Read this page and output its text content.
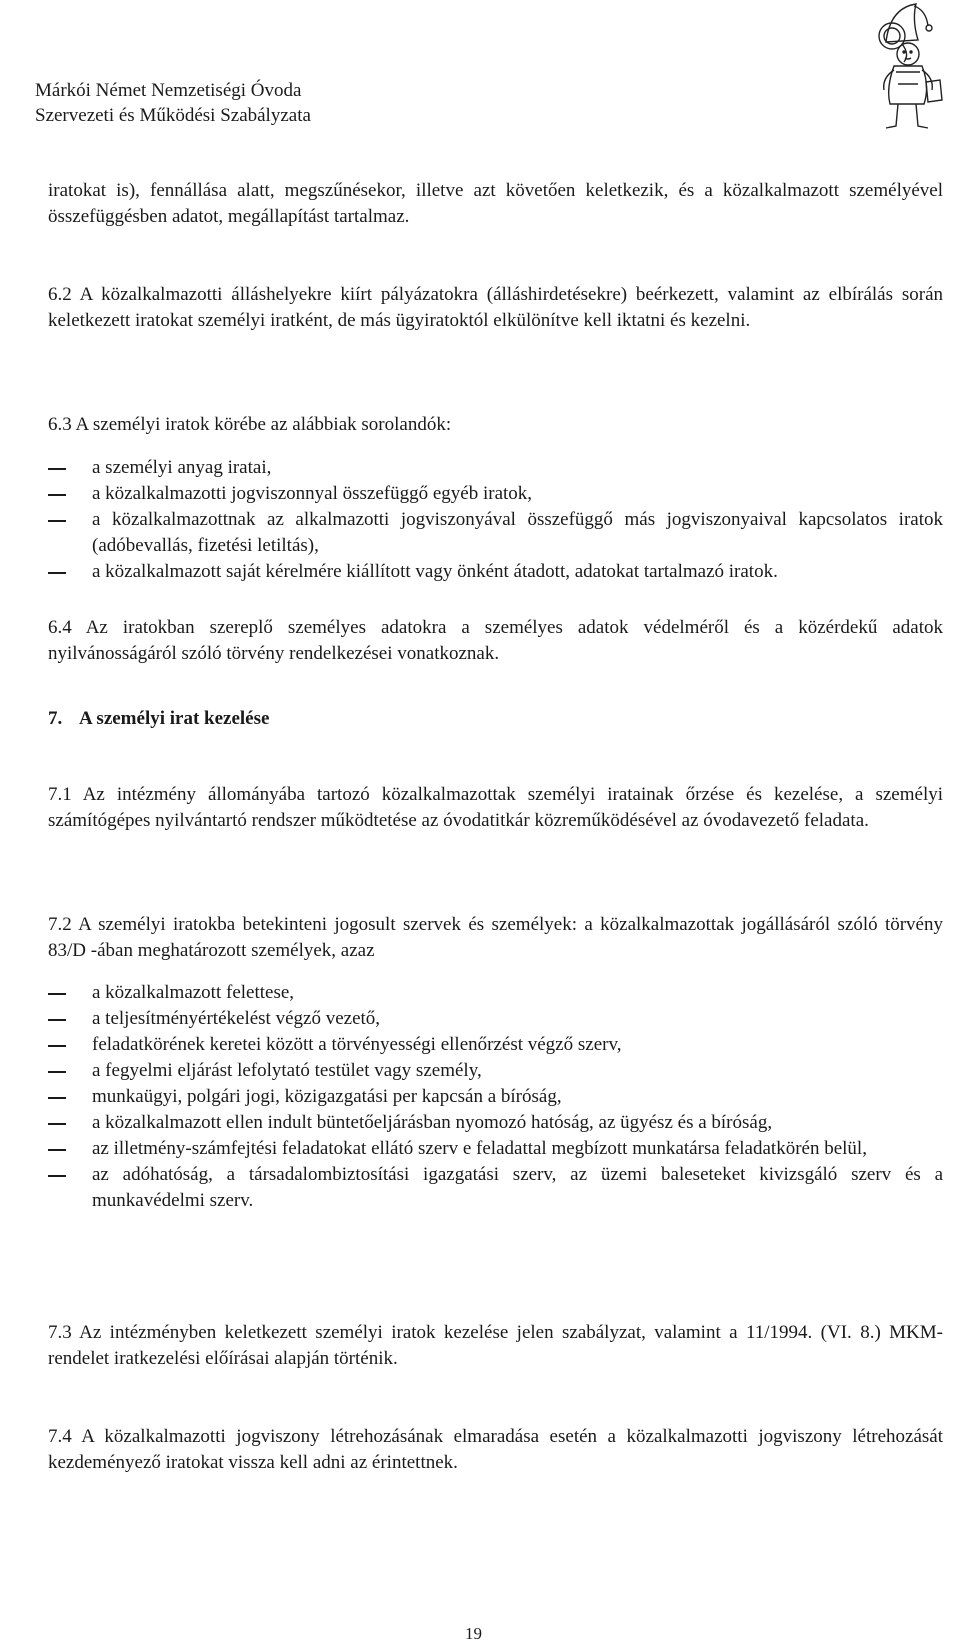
Márkói Német Nemzetiségi Óvoda
Szervezeti és Működési Szabályzata
iratokat is), fennállása alatt, megszűnésekor, illetve azt követően keletkezik, és a közalkalmazott személyével összefüggésben adatot, megállapítást tartalmaz.
6.2 A közalkalmazotti álláshelyekre kiírt pályázatokra (álláshirdetésekre) beérkezett, valamint az elbírálás során keletkezett iratokat személyi iratként, de más ügyiratoktól elkülönítve kell iktatni és kezelni.
6.3 A személyi iratok körébe az alábbiak sorolandók:
a személyi anyag iratai,
a közalkalmazotti jogviszonnyal összefüggő egyéb iratok,
a közalkalmazottnak az alkalmazotti jogviszonyával összefüggő más jogviszonyaival kapcsolatos iratok (adóbevallás, fizetési letiltás),
a közalkalmazott saját kérelmére kiállított vagy önként átadott, adatokat tartalmazó iratok.
6.4 Az iratokban szereplő személyes adatokra a személyes adatok védelméről és a közérdekű adatok nyilvánosságáról szóló törvény rendelkezései vonatkoznak.
7. A személyi irat kezelése
7.1 Az intézmény állományába tartozó közalkalmazottak személyi iratainak őrzése és kezelése, a személyi számítógépes nyilvántartó rendszer működtetése az óvodatitkár közreműködésével az óvodavezető feladata.
7.2 A személyi iratokba betekinteni jogosult szervek és személyek: a közalkalmazottak jogállásáról szóló törvény 83/D -ában meghatározott személyek, azaz
a közalkalmazott felettese,
a teljesítményértékelést végző vezető,
feladatkörének keretei között a törvényességi ellenőrzést végző szerv,
a fegyelmi eljárást lefolytató testület vagy személy,
munkaügyi, polgári jogi, közigazgatási per kapcsán a bíróság,
a közalkalmazott ellen indult büntetőeljárásban nyomozó hatóság, az ügyész és a bíróság,
az illetmény-számfejtési feladatokat ellátó szerv e feladattal megbízott munkatársa feladatkörén belül,
az adóhatóság, a társadalombiztosítási igazgatási szerv, az üzemi baleseteket kivizsgáló szerv és a munkavédelmi szerv.
7.3 Az intézményben keletkezett személyi iratok kezelése jelen szabályzat, valamint a 11/1994. (VI. 8.) MKM-rendelet iratkezelési előírásai alapján történik.
7.4 A közalkalmazotti jogviszony létrehozásának elmaradása esetén a közalkalmazotti jogviszony létrehozását kezdeményező iratokat vissza kell adni az érintettnek.
19
